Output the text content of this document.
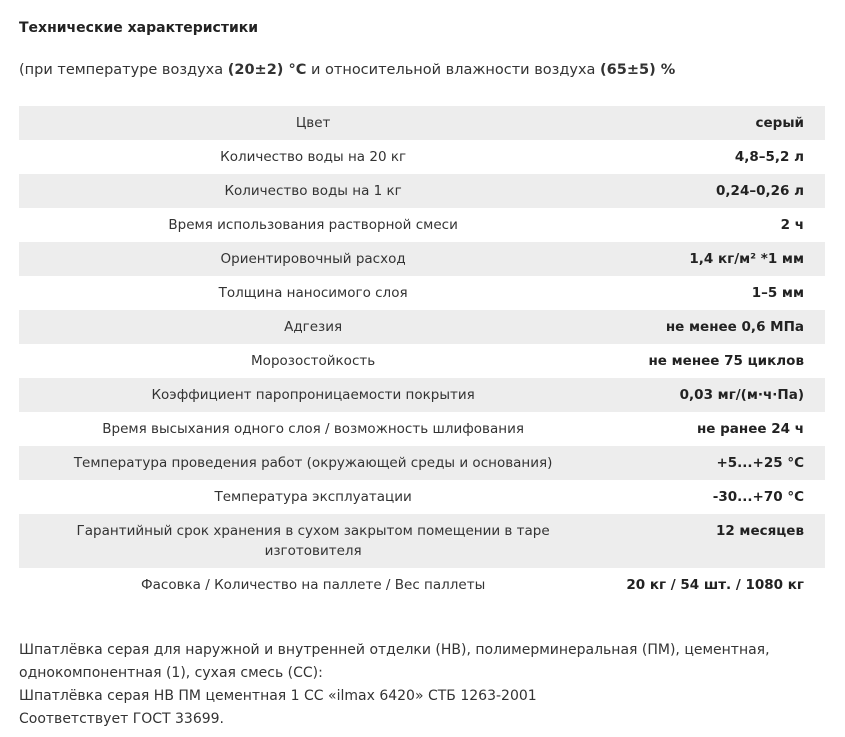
Технические характеристики
(при температуре воздуха (20±2) °C и относительной влажности воздуха (65±5) %
Цвет	серый
Количество воды на 20 кг	4,8–5,2 л
Количество воды на 1 кг	0,24–0,26 л
Время использования растворной смеси	2 ч
Ориентировочный расход	1,4 кг/м² *1 мм
Толщина наносимого слоя	1–5 мм
Адгезия	не менее 0,6 МПа
Морозостойкость	не менее 75 циклов
Коэффициент паропроницаемости покрытия	0,03 мг/(м·ч·Па)
Время высыхания одного слоя / возможность шлифования	не ранее 24 ч
Температура проведения работ (окружающей среды и основания)	+5...+25 °C
Температура эксплуатации	-30...+70 °C
Гарантийный срок хранения в сухом закрытом помещении в таре изготовителя	12 месяцев
Фасовка / Количество на паллете / Вес паллеты	20 кг / 54 шт. / 1080 кг

Шпатлёвка серая для наружной и внутренней отделки (НВ), полимерминеральная (ПМ), цементная, однокомпонентная (1), сухая смесь (СС):

Шпатлёвка серая НВ ПМ цементная 1 СС «ilmax 6420» СТБ 1263-2001

Соответствует ГОСТ 33699.
